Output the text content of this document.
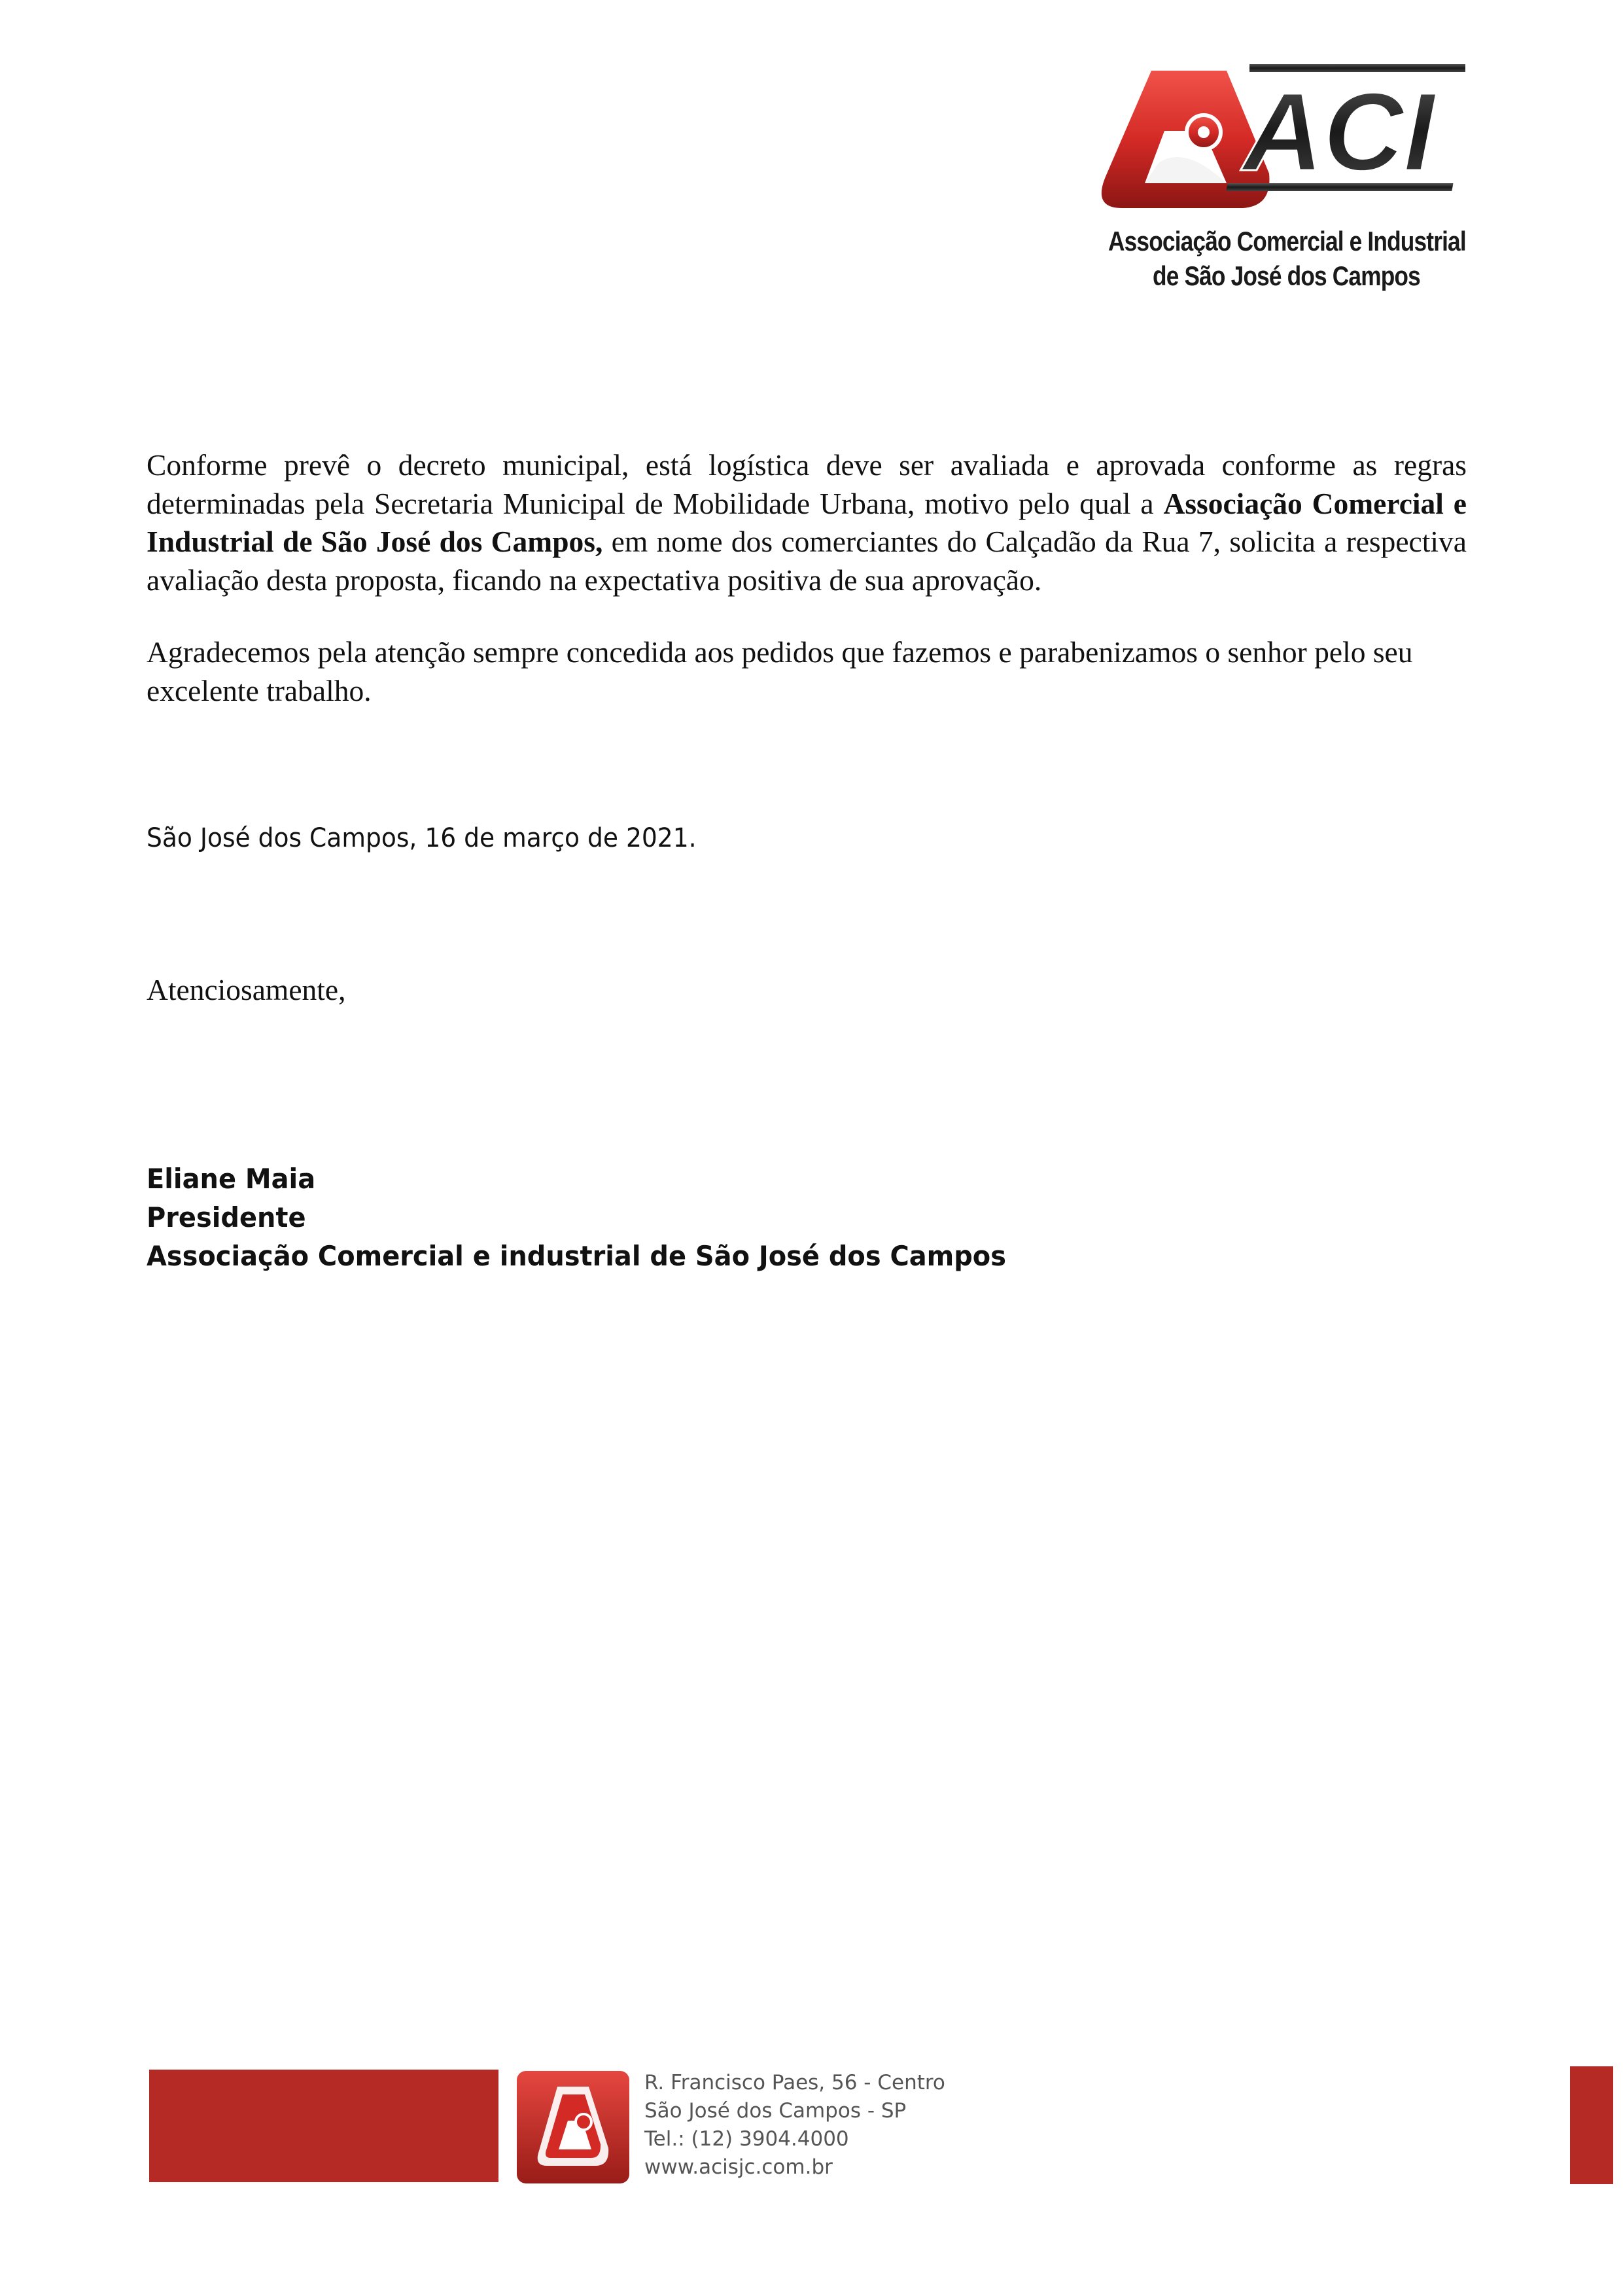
ACI
Associação Comercial e Industrial
de São José dos Campos

Conforme prevê o decreto municipal, está logística deve ser avaliada e aprovada conforme as regras determinadas pela Secretaria Municipal de Mobilidade Urbana, motivo pelo qual a Associação Comercial e Industrial de São José dos Campos, em nome dos comerciantes do Calçadão da Rua 7, solicita a respectiva avaliação desta proposta, ficando na expectativa positiva de sua aprovação.

Agradecemos pela atenção sempre concedida aos pedidos que fazemos e parabenizamos o senhor pelo seu excelente trabalho.

São José dos Campos, 16 de março de 2021.
Atenciosamente,
Eliane Maia
Presidente
Associação Comercial e industrial de São José dos Campos
R. Francisco Paes, 56 - Centro
São José dos Campos - SP
Tel.: (12) 3904.4000
www.acisjc.com.br
